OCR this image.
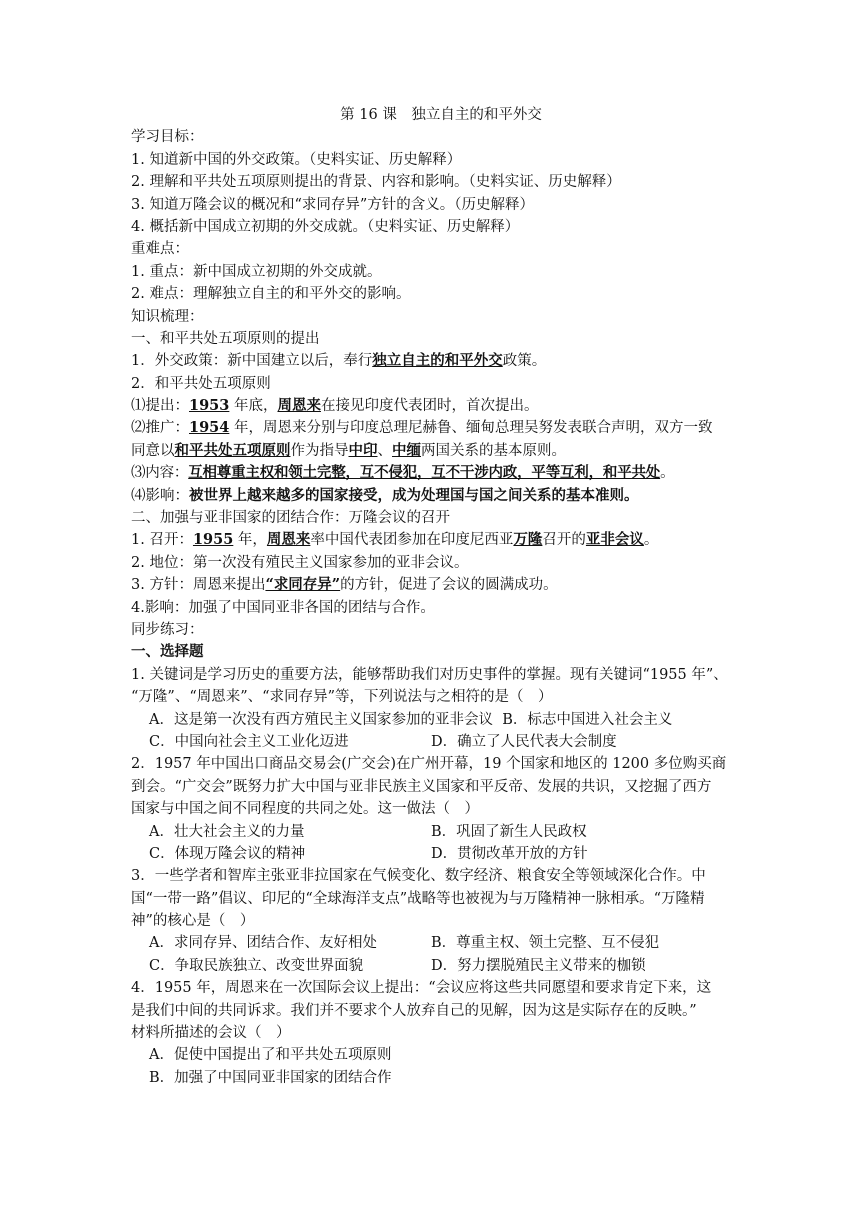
第 16 课　独立自主的和平外交
学习目标：
1. 知道新中国的外交政策。（史料实证、历史解释）
2. 理解和平共处五项原则提出的背景、内容和影响。（史料实证、历史解释）
3. 知道万隆会议的概况和“求同存异”方针的含义。（历史解释）
4. 概括新中国成立初期的外交成就。（史料实证、历史解释）
重难点：
1. 重点：新中国成立初期的外交成就。
2. 难点：理解独立自主的和平外交的影响。
知识梳理：
一、和平共处五项原则的提出
1．外交政策：新中国建立以后，奉行独立自主的和平外交政策。
2．和平共处五项原则
⑴提出：1953 年底，周恩来在接见印度代表团时，首次提出。
⑵推广：1954 年，周恩来分别与印度总理尼赫鲁、缅甸总理吴努发表联合声明，双方一致
同意以和平共处五项原则作为指导中印、中缅两国关系的基本原则。
⑶内容：互相尊重主权和领土完整，互不侵犯，互不干涉内政，平等互利，和平共处。
⑷影响：被世界上越来越多的国家接受，成为处理国与国之间关系的基本准则。
二、加强与亚非国家的团结合作：万隆会议的召开
1. 召开：1955 年，周恩来率中国代表团参加在印度尼西亚万隆召开的亚非会议。
2. 地位：第一次没有殖民主义国家参加的亚非会议。
3. 方针：周恩来提出“求同存异”的方针，促进了会议的圆满成功。
4.影响：加强了中国同亚非各国的团结与合作。
同步练习：
一、选择题
1. 关键词是学习历史的重要方法，能够帮助我们对历史事件的掌握。现有关键词“1955 年”、
“万隆”、“周恩来”、“求同存异”等，下列说法与之相符的是（　）
A．这是第一次没有西方殖民主义国家参加的亚非会议 B．标志中国进入社会主义
C．中国向社会主义工业化迈进	D．确立了人民代表大会制度
2．1957 年中国出口商品交易会(广交会)在广州开幕，19 个国家和地区的 1200 多位购买商
到会。“广交会”既努力扩大中国与亚非民族主义国家和平反帝、发展的共识，又挖掘了西方
国家与中国之间不同程度的共同之处。这一做法（　）
A．壮大社会主义的力量	B．巩固了新生人民政权
C．体现万隆会议的精神	D．贯彻改革开放的方针
3．一些学者和智库主张亚非拉国家在气候变化、数字经济、粮食安全等领域深化合作。中
国“一带一路”倡议、印尼的“全球海洋支点”战略等也被视为与万隆精神一脉相承。“万隆精
神”的核心是（　）
A．求同存异、团结合作、友好相处	B．尊重主权、领土完整、互不侵犯
C．争取民族独立、改变世界面貌	D．努力摆脱殖民主义带来的枷锁
4．1955 年，周恩来在一次国际会议上提出：“会议应将这些共同愿望和要求肯定下来，这
是我们中间的共同诉求。我们并不要求个人放弃自己的见解，因为这是实际存在的反映。”
材料所描述的会议（　）
A．促使中国提出了和平共处五项原则
B．加强了中国同亚非国家的团结合作
